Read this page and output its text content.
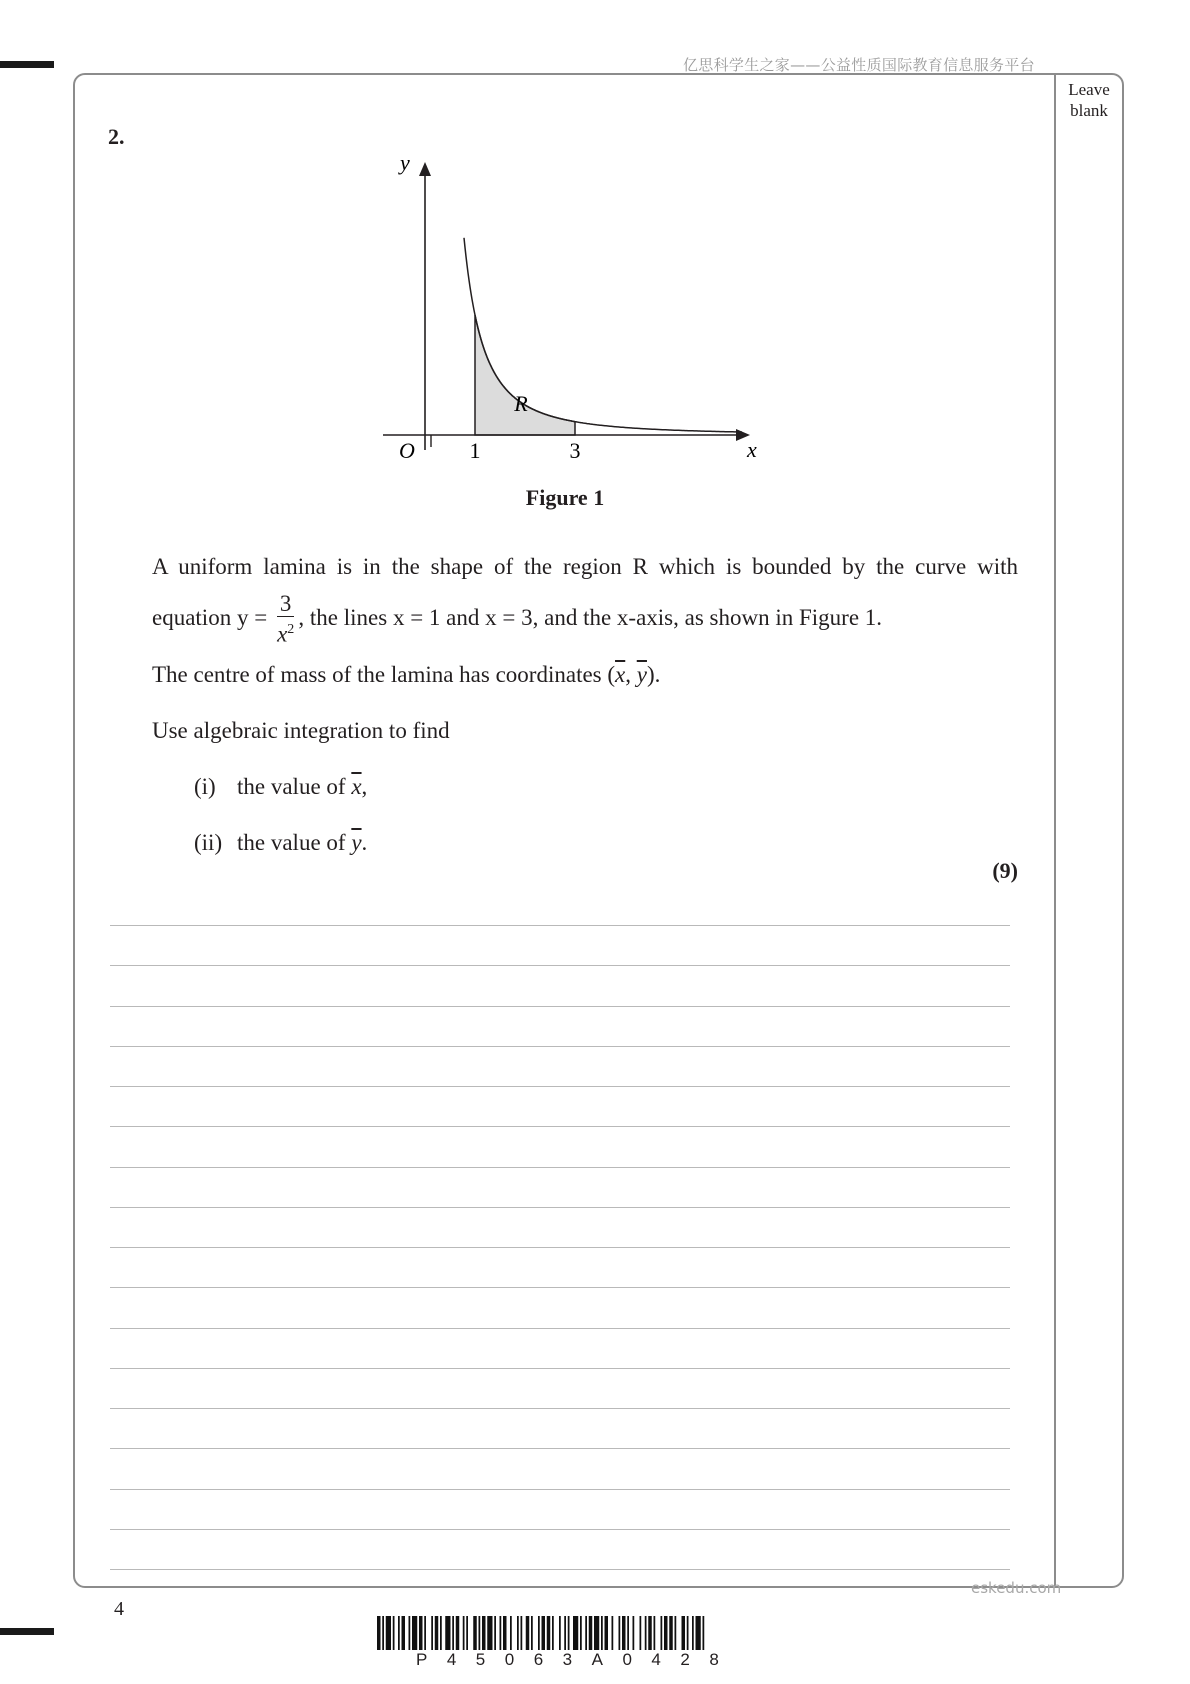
亿思科学生之家——公益性质国际教育信息服务平台
Leave
blank
2.
y
x
O 1	3
R
Figure 1
A uniform lamina is in the shape of the region R which is bounded by the curve with
equation $y = \frac{3}{x^2}$ , the lines x = 1 and x = 3, and the x-axis, as shown in Figure 1.
The centre of mass of the lamina has coordinates ($\overline{x}$, $\overline{y}$).
Use algebraic integration to find
(i) the value of $\overline{x}$,
(ii) the value of $\overline{y}$.
(9)
eskedu.com
4
P45063A0428
